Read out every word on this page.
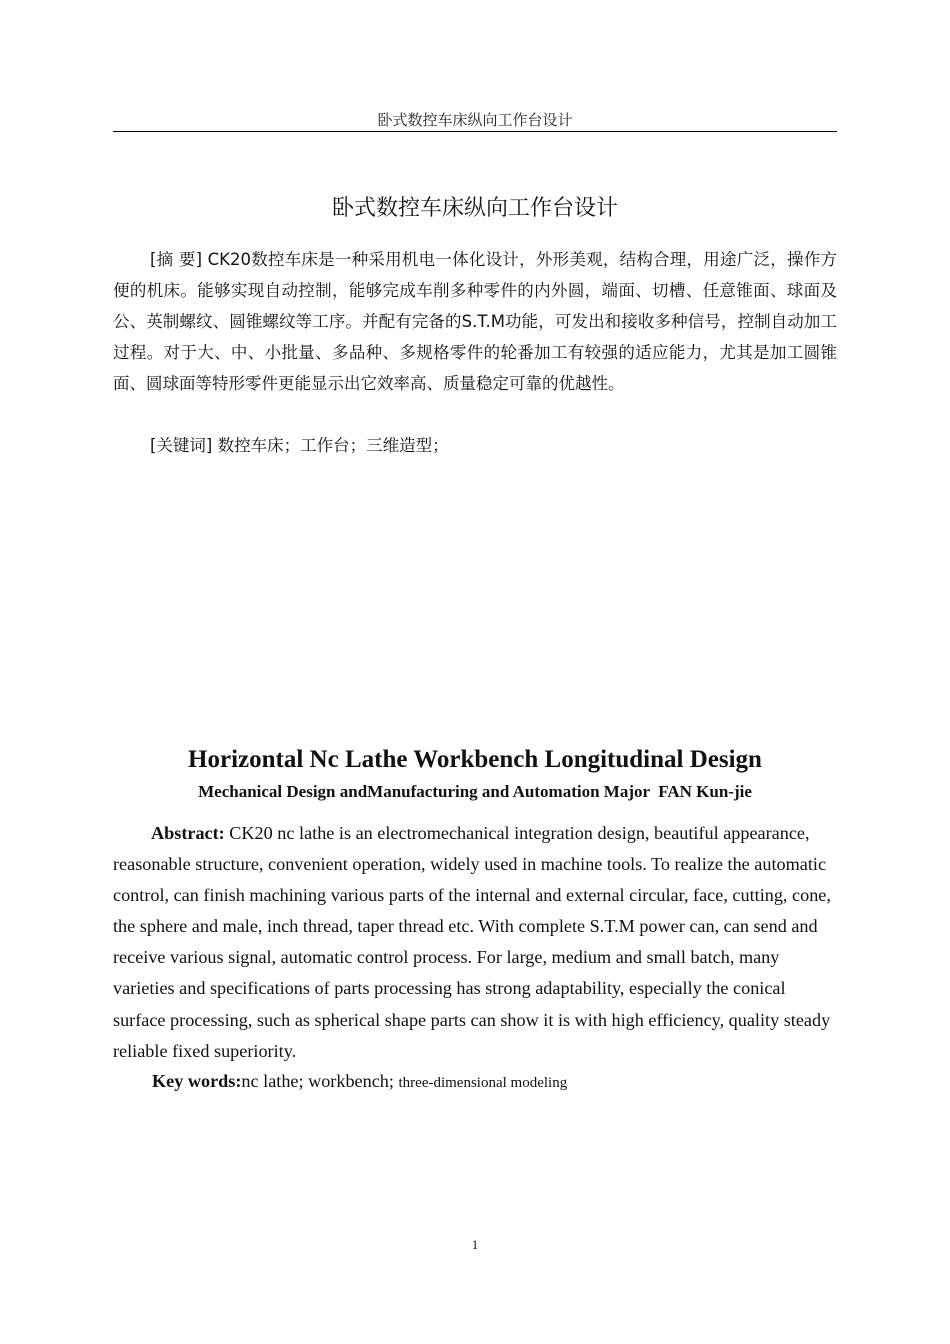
卧式数控车床纵向工作台设计
卧式数控车床纵向工作台设计

[摘 要] CK20数控车床是一种采用机电一体化设计，外形美观，结构合理，用途广泛，操作方便的机床。能够实现自动控制，能够完成车削多种零件的内外圆，端面、切槽、任意锥面、球面及公、英制螺纹、圆锥螺纹等工序。并配有完备的S.T.M功能，可发出和接收多种信号，控制自动加工过程。对于大、中、小批量、多品种、多规格零件的轮番加工有较强的适应能力，尤其是加工圆锥面、圆球面等特形零件更能显示出它效率高、质量稳定可靠的优越性。

[关键词] 数控车床；工作台；三维造型；

Horizontal Nc Lathe Workbench Longitudinal Design
Mechanical Design andManufacturing and Automation Major  FAN Kun-jie

Abstract: CK20 nc lathe is an electromechanical integration design, beautiful appearance, reasonable structure, convenient operation, widely used in machine tools. To realize the automatic control, can finish machining various parts of the internal and external circular, face, cutting, cone, the sphere and male, inch thread, taper thread etc. With complete S.T.M power can, can send and receive various signal, automatic control process. For large, medium and small batch, many varieties and specifications of parts processing has strong adaptability, especially the conical surface processing, such as spherical shape parts can show it is with high efficiency, quality steady reliable fixed superiority.

Key words:nc lathe; workbench; three-dimensional modeling

1
